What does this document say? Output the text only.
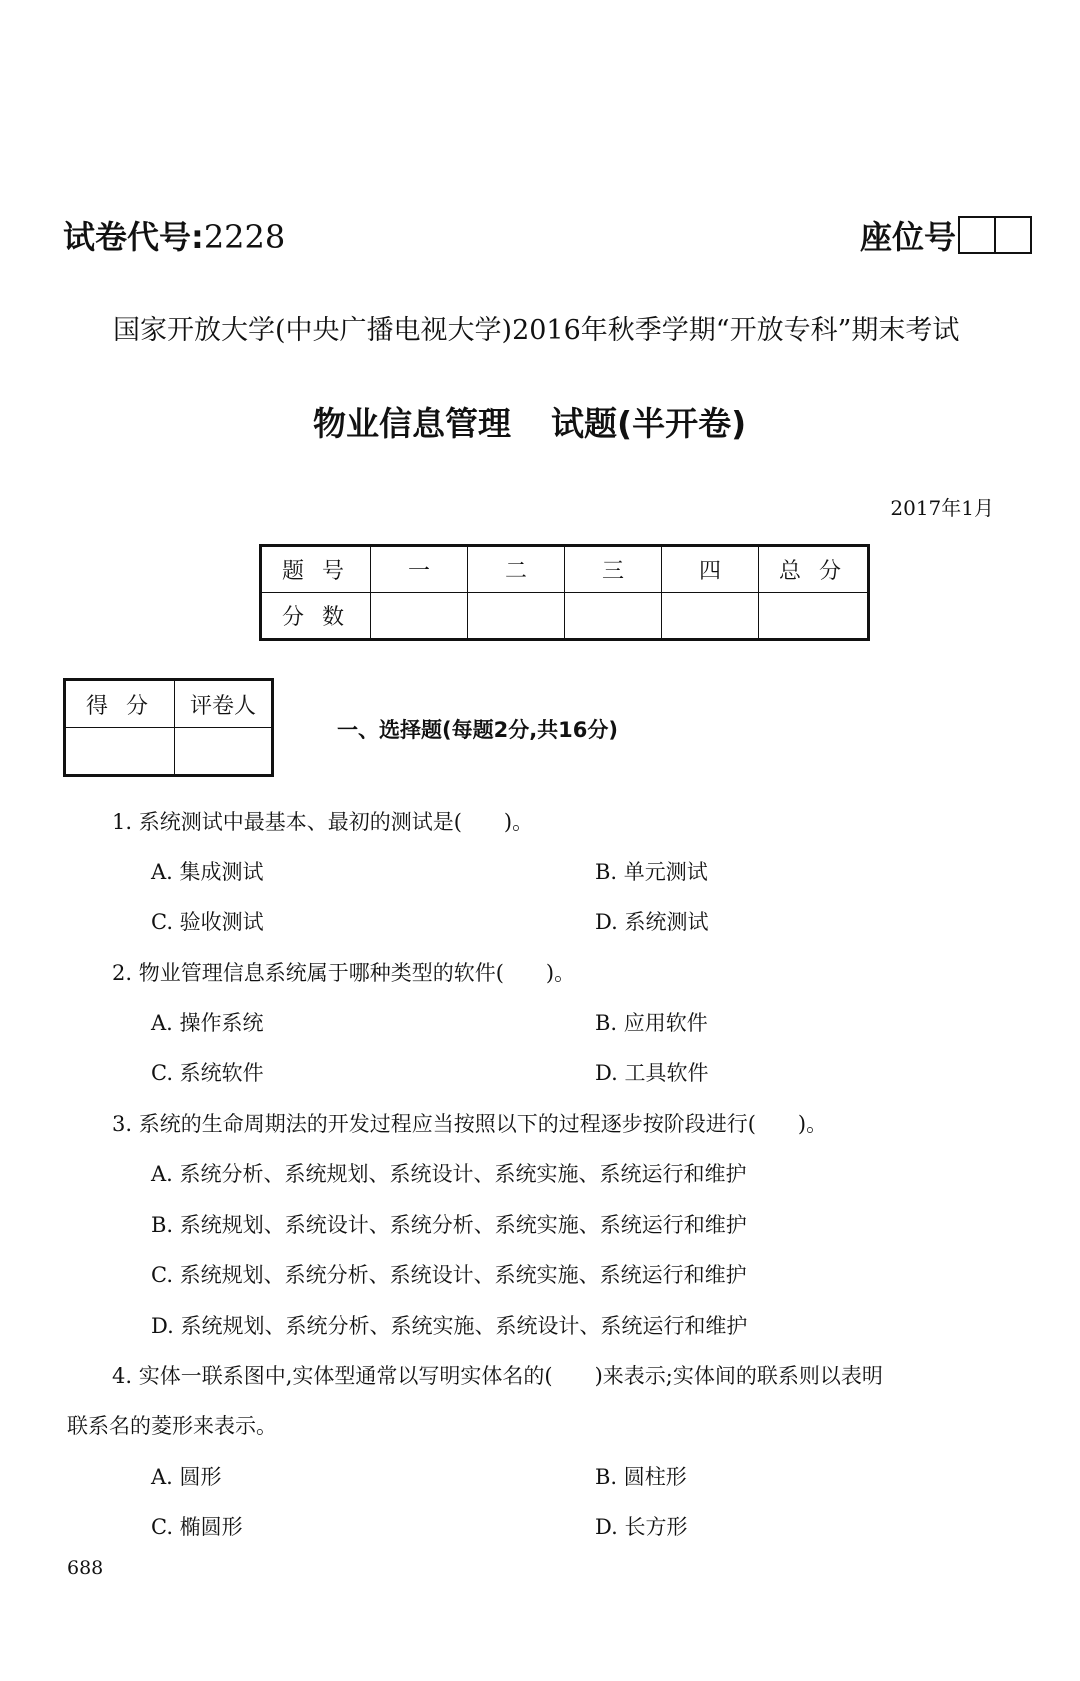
试卷代号:2228	座位号
国家开放大学(中央广播电视大学)2016年秋季学期“开放专科”期末考试
物业信息管理 试题(半开卷)
2017年1月
题号	一	二	三	四	总分
分数					
得分	评卷人

一、选择题(每题2分,共16分)
1. 系统测试中最基本、最初的测试是(　　)。
A. 集成测试	B. 单元测试
C. 验收测试	D. 系统测试
2. 物业管理信息系统属于哪种类型的软件(　　)。
A. 操作系统	B. 应用软件
C. 系统软件	D. 工具软件
3. 系统的生命周期法的开发过程应当按照以下的过程逐步按阶段进行(　　)。
A. 系统分析、系统规划、系统设计、系统实施、系统运行和维护
B. 系统规划、系统设计、系统分析、系统实施、系统运行和维护
C. 系统规划、系统分析、系统设计、系统实施、系统运行和维护
D. 系统规划、系统分析、系统实施、系统设计、系统运行和维护
4. 实体一联系图中,实体型通常以写明实体名的(　　)来表示;实体间的联系则以表明
联系名的菱形来表示。
A. 圆形	B. 圆柱形
C. 椭圆形	D. 长方形
688
